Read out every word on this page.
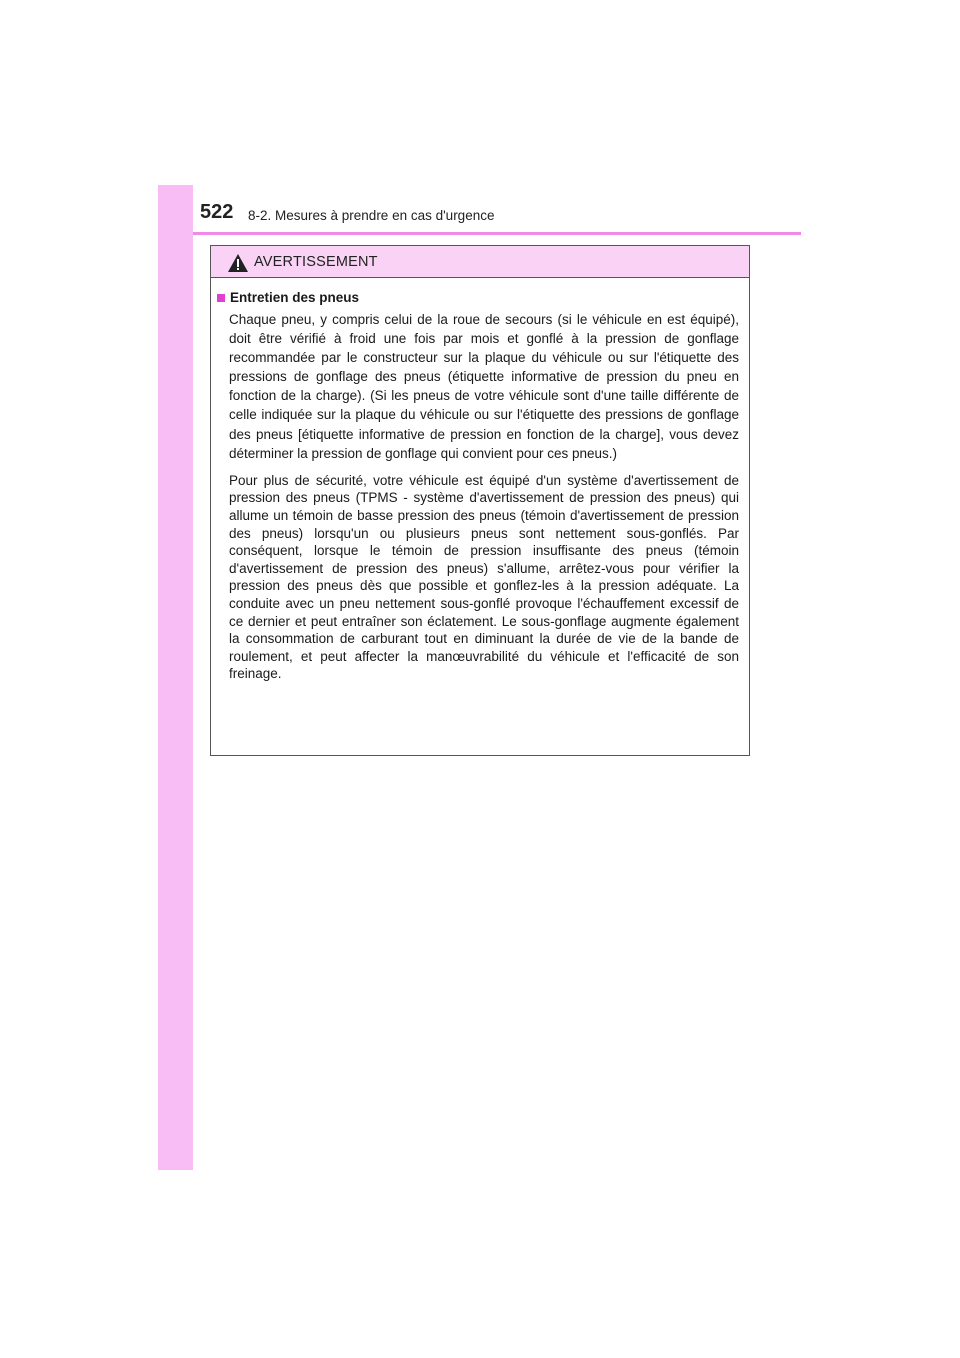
522 8-2. Mesures à prendre en cas d'urgence
AVERTISSEMENT
Entretien des pneus

Chaque pneu, y compris celui de la roue de secours (si le véhicule en est équipé), doit être vérifié à froid une fois par mois et gonflé à la pression de gonflage recommandée par le constructeur sur la plaque du véhicule ou sur l'étiquette des pressions de gonflage des pneus (étiquette informative de pression du pneu en fonction de la charge). (Si les pneus de votre véhicule sont d'une taille différente de celle indiquée sur la plaque du véhicule ou sur l'étiquette des pressions de gonflage des pneus [étiquette informative de pression en fonction de la charge], vous devez déterminer la pression de gonflage qui convient pour ces pneus.)

Pour plus de sécurité, votre véhicule est équipé d'un système d'avertissement de pression des pneus (TPMS - système d'avertissement de pression des pneus) qui allume un témoin de basse pression des pneus (témoin d'avertissement de pression des pneus) lorsqu'un ou plusieurs pneus sont nettement sous-gonflés. Par conséquent, lorsque le témoin de pression insuffisante des pneus (témoin d'avertissement de pression des pneus) s'allume, arrêtez-vous pour vérifier la pression des pneus dès que possible et gonflez-les à la pression adéquate. La conduite avec un pneu nettement sous-gonflé provoque l'échauffement excessif de ce dernier et peut entraîner son éclatement. Le sous-gonflage augmente également la consommation de carburant tout en diminuant la durée de vie de la bande de roulement, et peut affecter la manœuvrabilité du véhicule et l'efficacité de son freinage.
